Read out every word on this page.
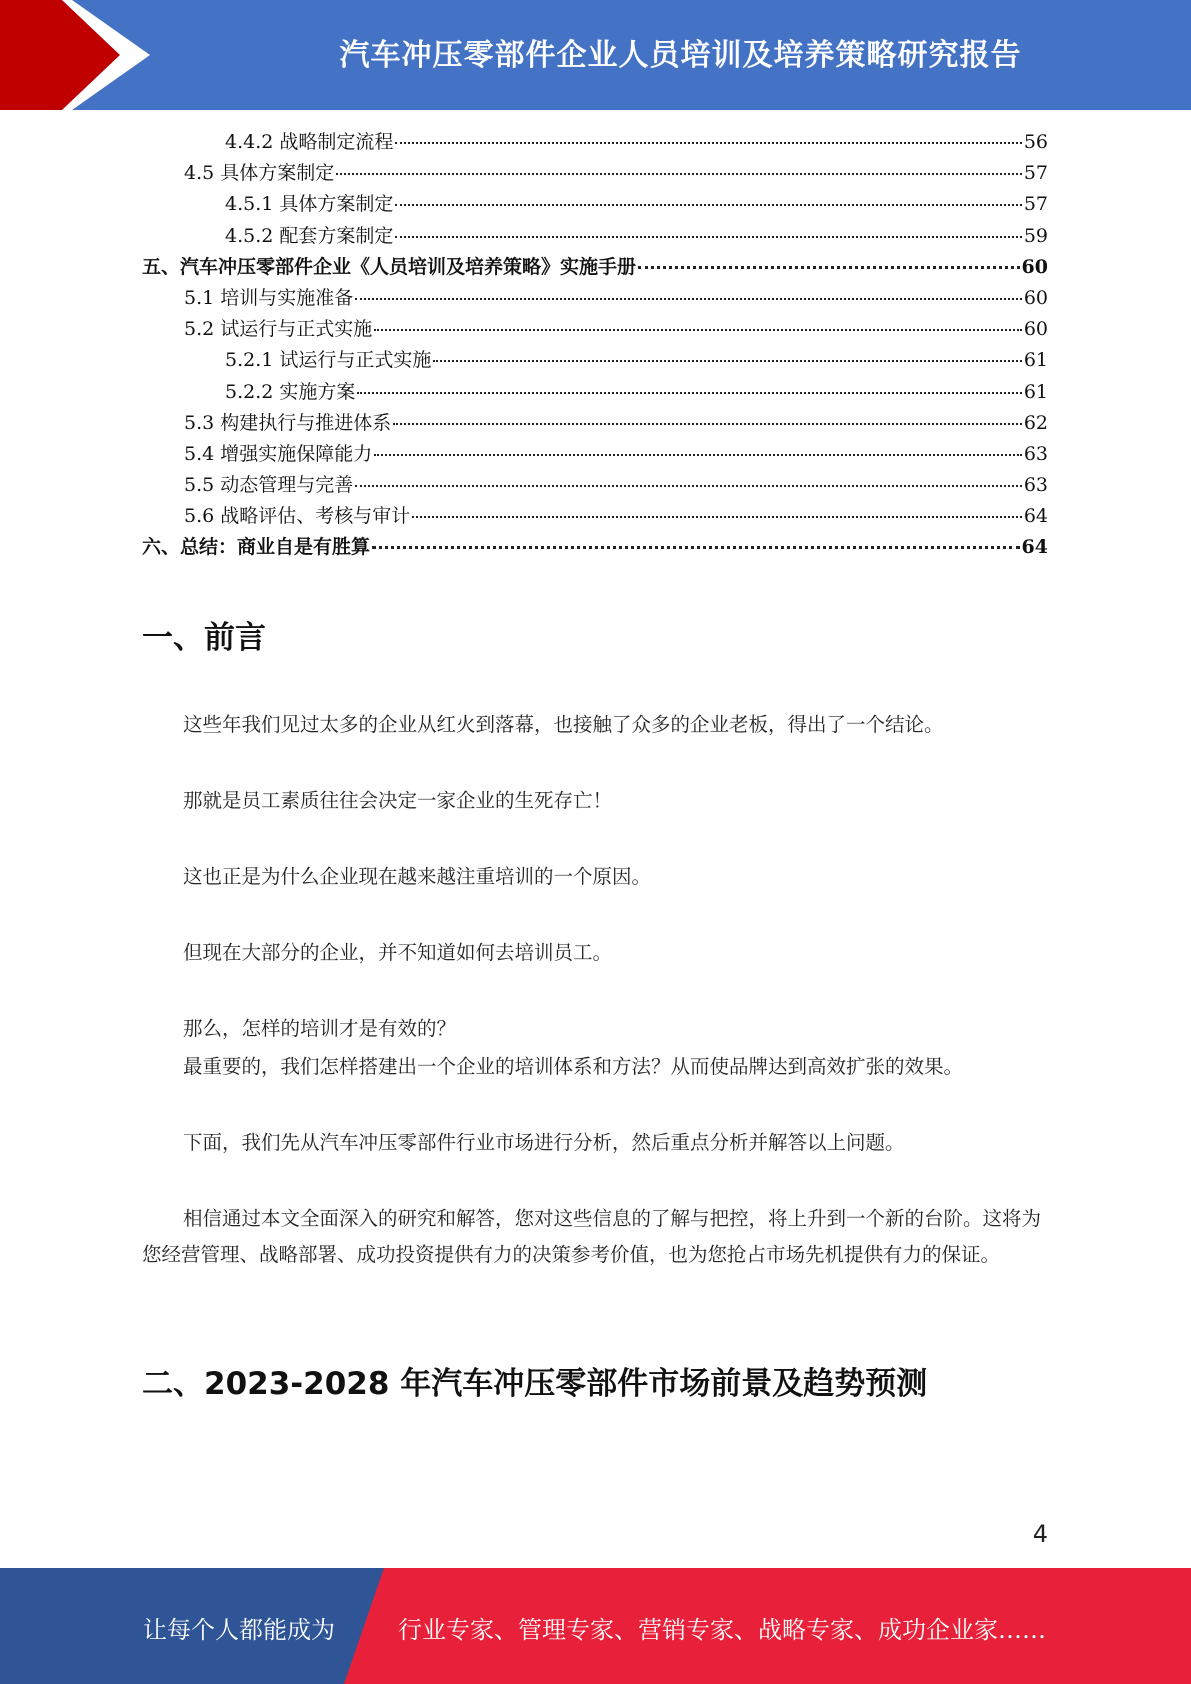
汽车冲压零部件企业人员培训及培养策略研究报告
4.4.2 战略制定流程	56
4.5 具体方案制定	57
4.5.1 具体方案制定	57
4.5.2 配套方案制定	59
五、汽车冲压零部件企业《人员培训及培养策略》实施手册	60
5.1 培训与实施准备	60
5.2 试运行与正式实施	60
5.2.1 试运行与正式实施	61
5.2.2 实施方案	61
5.3 构建执行与推进体系	62
5.4 增强实施保障能力	63
5.5 动态管理与完善	63
5.6 战略评估、考核与审计	64
六、总结：商业自是有胜算	64
一、前言
这些年我们见过太多的企业从红火到落幕，也接触了众多的企业老板，得出了一个结论。
那就是员工素质往往会决定一家企业的生死存亡！
这也正是为什么企业现在越来越注重培训的一个原因。
但现在大部分的企业，并不知道如何去培训员工。
那么，怎样的培训才是有效的？
最重要的，我们怎样搭建出一个企业的培训体系和方法？从而使品牌达到高效扩张的效果。
下面，我们先从汽车冲压零部件行业市场进行分析，然后重点分析并解答以上问题。
相信通过本文全面深入的研究和解答，您对这些信息的了解与把控，将上升到一个新的台阶。这将为您经营管理、战略部署、成功投资提供有力的决策参考价值，也为您抢占市场先机提供有力的保证。
二、2023-2028 年汽车冲压零部件市场前景及趋势预测
4
让每个人都能成为	行业专家、管理专家、营销专家、战略专家、成功企业家……
